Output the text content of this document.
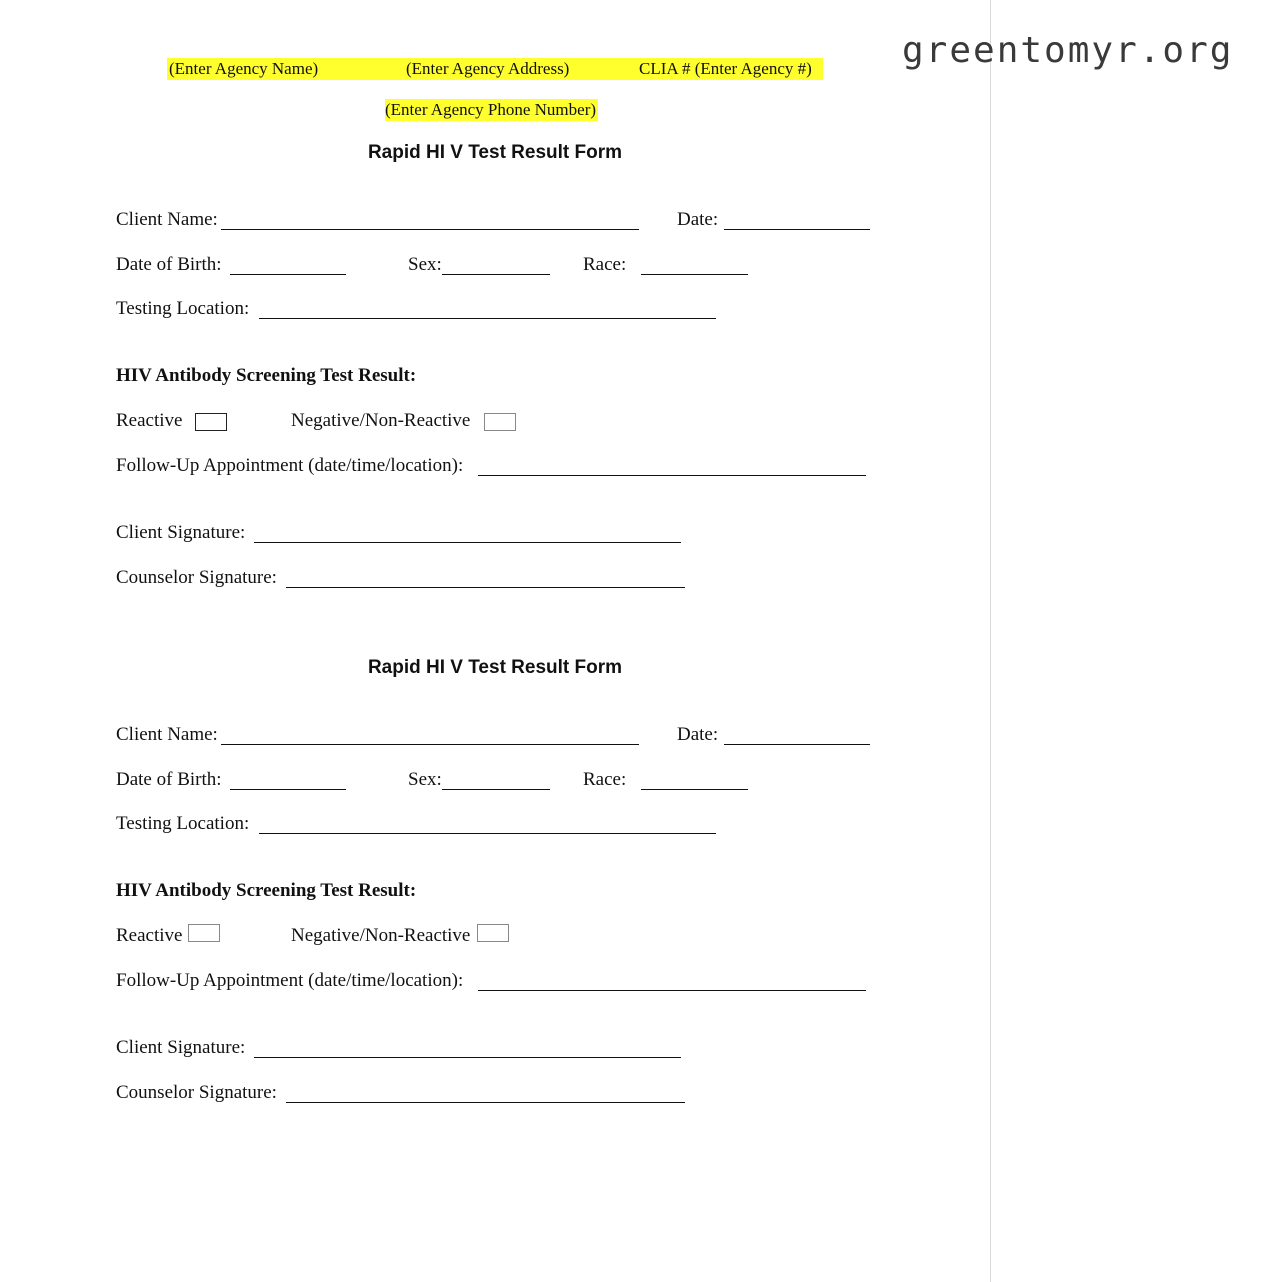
greentomyr.org
(Enter Agency Name)	(Enter Agency Address)	CLIA # (Enter Agency #)
(Enter Agency Phone Number)
Rapid HI V Test Result Form
Client Name:	Date:
Date of Birth:	Sex:	Race:
Testing Location:
HIV Antibody Screening Test Result:
Reactive	Negative/Non-Reactive
Follow-Up Appointment (date/time/location):
Client Signature:
Counselor Signature:
Rapid HI V Test Result Form
Client Name:	Date:
Date of Birth:	Sex:	Race:
Testing Location:
HIV Antibody Screening Test Result:
Reactive	Negative/Non-Reactive
Follow-Up Appointment (date/time/location):
Client Signature:
Counselor Signature:
